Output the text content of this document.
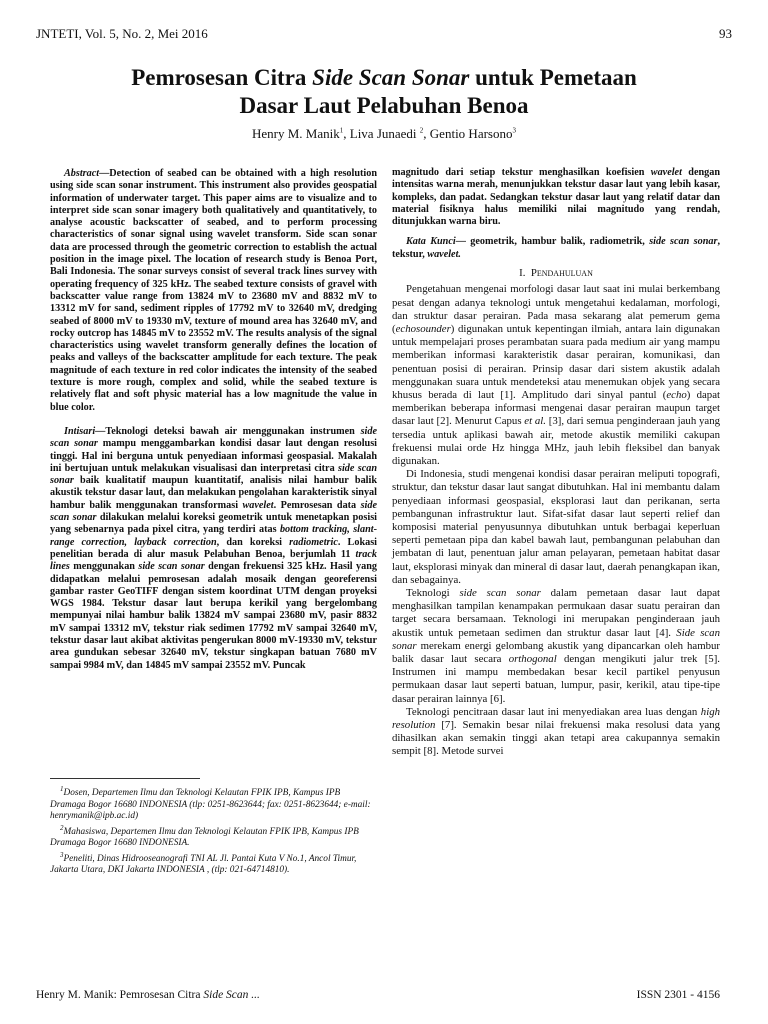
JNTETI, Vol. 5, No. 2, Mei 2016	93
Pemrosesan Citra Side Scan Sonar untuk Pemetaan
Dasar Laut Pelabuhan Benoa
Henry M. Manik$^1$, Liva Junaedi $^2$, Gentio Harsono$^3$

Abstract—Detection of seabed can be obtained with a high resolution using side scan sonar instrument. This instrument also provides geospatial information of underwater target. This paper aims are to visualize and to interpret side scan sonar imagery both qualitatively and quantitatively, to analyse acoustic backscatter of seabed, and to perform processing characteristics of sonar signal using wavelet transform. Side scan sonar data are processed through the geometric correction to establish the actual position in the image pixel. The location of research study is Benoa Port, Bali Indonesia. The sonar surveys consist of several track lines survey with operating frequency of 325 kHz. The seabed texture consists of gravel with backscatter value range from 13824 mV to 23680 mV and 8832 mV to 13312 mV for sand, sediment ripples of 17792 mV to 32640 mV, dredging seabed of 8000 mV to 19330 mV, texture of mound area has 32640 mV, and rocky outcrop has 14845 mV to 23552 mV. The results analysis of the signal characteristics using wavelet transform generally defines the location of peaks and valleys of the backscatter amplitude for each texture. The peak magnitude of each texture in red color indicates the intensity of the seabed texture is more rough, complex and solid, while the seabed texture is relatively flat and soft physic material has a low magnitude the value in blue color.

Intisari—Teknologi deteksi bawah air menggunakan instrumen side scan sonar mampu menggambarkan kondisi dasar laut dengan resolusi tinggi. Hal ini berguna untuk penyediaan informasi geospasial. Makalah ini bertujuan untuk melakukan visualisasi dan interpretasi citra side scan sonar baik kualitatif maupun kuantitatif, analisis nilai hambur balik akustik tekstur dasar laut, dan melakukan pengolahan karakteristik sinyal hambur balik menggunakan transformasi wavelet. Pemrosesan data side scan sonar dilakukan melalui koreksi geometrik untuk menetapkan posisi yang sebenarnya pada pixel citra, yang terdiri atas bottom tracking, slant-range correction, layback correction, dan koreksi radiometric. Lokasi penelitian berada di alur masuk Pelabuhan Benoa, berjumlah 11 track lines menggunakan side scan sonar dengan frekuensi 325 kHz. Hasil yang didapatkan melalui pemrosesan adalah mosaik dengan georeferensi gambar raster GeoTIFF dengan sistem koordinat UTM dengan proyeksi WGS 1984. Tekstur dasar laut berupa kerikil yang bergelombang mempunyai nilai hambur balik 13824 mV sampai 23680 mV, pasir 8832 mV sampai 13312 mV, tekstur riak sedimen 17792 mV sampai 32640 mV, tekstur dasar laut akibat aktivitas pengerukan 8000 mV-19330 mV, tekstur area gundukan sebesar 32640 mV, tekstur singkapan batuan 7680 mV sampai 9984 mV, dan 14845 mV sampai 23552 mV. Puncak

$^1$Dosen, Departemen Ilmu dan Teknologi Kelautan FPIK IPB, Kampus IPB Dramaga Bogor 16680 INDONESIA (tlp: 0251-8623644; fax: 0251-8623644; e-mail: henrymanik@ipb.ac.id)

$^2$Mahasiswa, Departemen Ilmu dan Teknologi Kelautan FPIK IPB, Kampus IPB Dramaga Bogor 16680 INDONESIA.

$^3$Peneliti, Dinas Hidrooseanografi TNI AL Jl. Pantai Kuta V No.1, Ancol Timur, Jakarta Utara, DKI Jakarta INDONESIA , (tlp: 021-64714810).

magnitudo dari setiap tekstur menghasilkan koefisien wavelet dengan intensitas warna merah, menunjukkan tekstur dasar laut yang lebih kasar, kompleks, dan padat. Sedangkan tekstur dasar laut yang relatif datar dan material fisiknya halus memiliki nilai magnitudo yang rendah, ditunjukkan warna biru.

Kata Kunci— geometrik, hambur balik, radiometrik, side scan sonar, tekstur, wavelet.

I. Pendahuluan

Pengetahuan mengenai morfologi dasar laut saat ini mulai berkembang pesat dengan adanya teknologi untuk mengetahui kedalaman, morfologi, dan struktur dasar perairan. Pada masa sekarang alat pemerum gema (echosounder) digunakan untuk kepentingan ilmiah, antara lain digunakan untuk mempelajari proses perambatan suara pada medium air yang mampu memberikan informasi karakteristik dasar perairan, komunikasi, dan penentuan posisi di perairan. Prinsip dasar dari sistem akustik adalah menggunakan suara untuk mendeteksi atau menemukan objek yang secara khusus berada di laut [1]. Amplitudo dari sinyal pantul (echo) dapat memberikan beberapa informasi mengenai dasar perairan maupun target dasar laut [2]. Menurut Capus et al. [3], dari semua penginderaan jauh yang tersedia untuk aplikasi bawah air, metode akustik memiliki cakupan frekuensi mulai orde Hz hingga MHz, jauh lebih fleksibel dan banyak digunakan.

Di Indonesia, studi mengenai kondisi dasar perairan meliputi topografi, struktur, dan tekstur dasar laut sangat dibutuhkan. Hal ini membantu dalam penyediaan informasi geospasial, eksplorasi laut dan perikanan, serta pembangunan infrastruktur laut. Sifat-sifat dasar laut seperti relief dan komposisi material penyusunnya dibutuhkan untuk berbagai keperluan seperti pemetaan pipa dan kabel bawah laut, pembangunan pelabuhan dan jembatan di laut, penentuan jalur aman pelayaran, pemetaan habitat dasar laut, eksplorasi minyak dan mineral di dasar laut, daerah penangkapan ikan, dan sebagainya.

Teknologi side scan sonar dalam pemetaan dasar laut dapat menghasilkan tampilan kenampakan permukaan dasar suatu perairan dan target secara bersamaan. Teknologi ini merupakan penginderaan jauh akustik untuk pemetaan sedimen dan struktur dasar laut [4]. Side scan sonar merekam energi gelombang akustik yang dipancarkan oleh hambur balik dasar laut secara orthogonal dengan mengikuti jalur trek [5]. Instrumen ini mampu membedakan besar kecil partikel penyusun permukaan dasar laut seperti batuan, lumpur, pasir, kerikil, atau tipe-tipe dasar perairan lainnya [6].

Teknologi pencitraan dasar laut ini menyediakan area luas dengan high resolution [7]. Semakin besar nilai frekuensi maka resolusi data yang dihasilkan akan semakin tinggi akan tetapi area cakupannya semakin sempit [8]. Metode survei

Henry M. Manik: Pemrosesan Citra Side Scan ...	ISSN 2301 - 4156
